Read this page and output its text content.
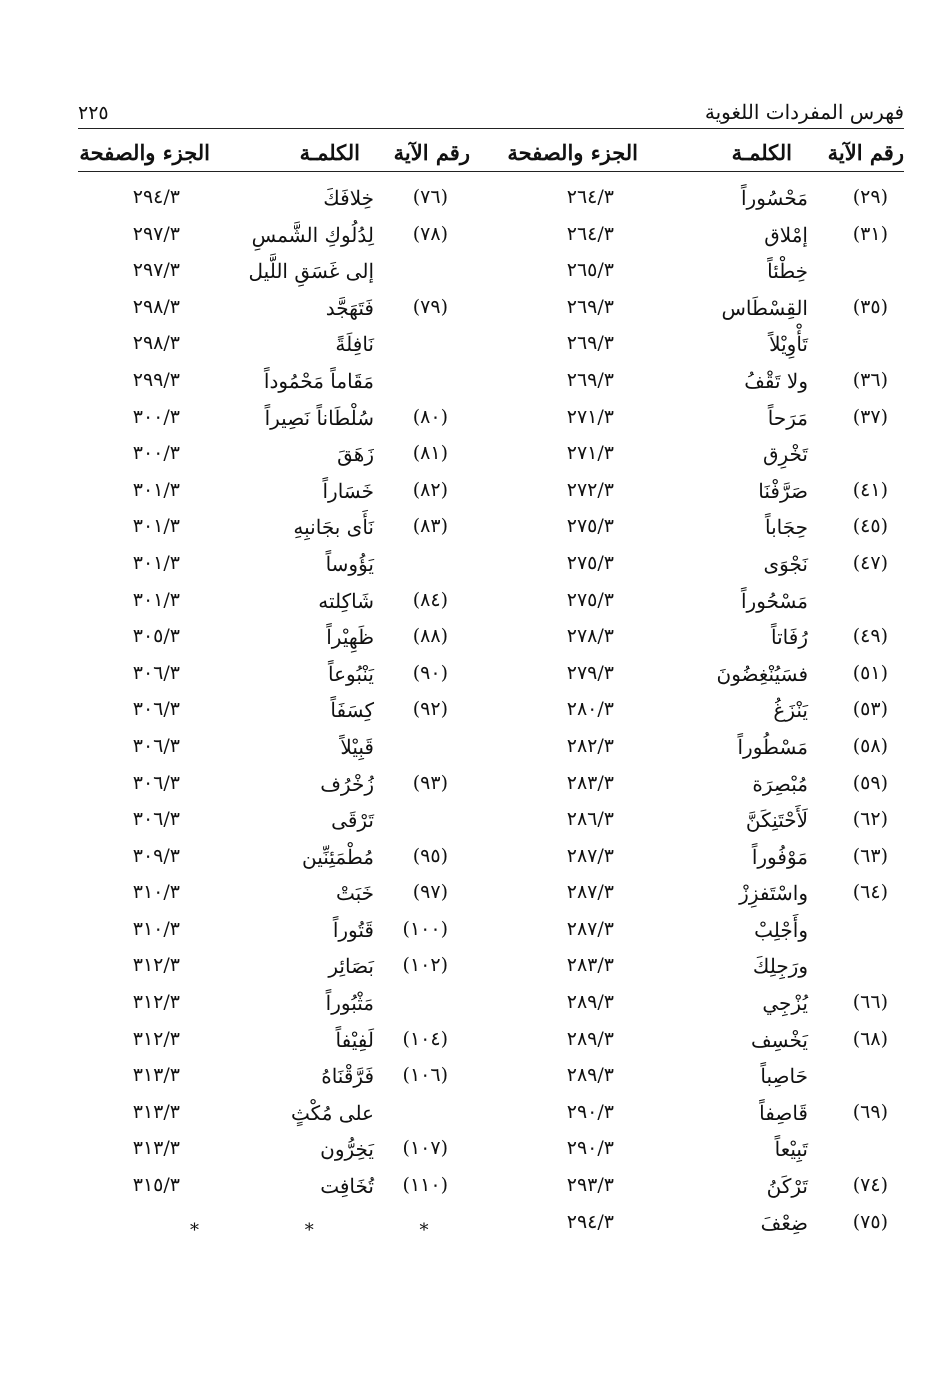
فهرس المفردات اللغوية
٢٢٥
رقم الآية
الكلمـة
الجزء والصفحة
رقم الآية
الكلمـة
الجزء والصفحة
(٢٩)
مَحْسُوراً
٢٦٤/٣
(٣١)
إمْلاق
٢٦٤/٣
خِطْئاً
٢٦٥/٣
(٣٥)
القِسْطَاس
٢٦٩/٣
تَأْوِيْلاً
٢٦٩/٣
(٣٦)
ولا تَقْفُ
٢٦٩/٣
(٣٧)
مَرَحاً
٢٧١/٣
تَخْرِق
٢٧١/٣
(٤١)
صَرَّفْنَا
٢٧٢/٣
(٤٥)
حِجَاباً
٢٧٥/٣
(٤٧)
نَجْوَى
٢٧٥/٣
مَسْحُوراً
٢٧٥/٣
(٤٩)
رُفَاتاً
٢٧٨/٣
(٥١)
فسَيُنْغِضُونَ
٢٧٩/٣
(٥٣)
يَنْزَغُ
٢٨٠/٣
(٥٨)
مَسْطُوراً
٢٨٢/٣
(٥٩)
مُبْصِرَة
٢٨٣/٣
(٦٢)
لَأَحْتَنِكَنَّ
٢٨٦/٣
(٦٣)
مَوْفُوراً
٢٨٧/٣
(٦٤)
واسْتَفزِزْ
٢٨٧/٣
وأَجْلِبْ
٢٨٧/٣
ورَجِلِكَ
٢٨٣/٣
(٦٦)
يُزْجِي
٢٨٩/٣
(٦٨)
يَخْسِف
٢٨٩/٣
حَاصِباً
٢٨٩/٣
(٦٩)
قَاصِفاً
٢٩٠/٣
تَبِيْعاً
٢٩٠/٣
(٧٤)
تَرْكَنُ
٢٩٣/٣
(٧٥)
ضِعْفَ
٢٩٤/٣
(٧٦)
خِلافَكَ
٢٩٤/٣
(٧٨)
لِدُلُوكِ الشَّمسِ
٢٩٧/٣
إلى غَسَقِ اللَّيل
٢٩٧/٣
(٧٩)
فَتَهَجَّد
٢٩٨/٣
نَافِلَةً
٢٩٨/٣
مَقَاماً مَحْمُوداً
٢٩٩/٣
(٨٠)
سُلْطَاناً نَصِيراً
٣٠٠/٣
(٨١)
زَهَقَ
٣٠٠/٣
(٨٢)
خَسَاراً
٣٠١/٣
(٨٣)
نَأَى بجَانبِهِ
٣٠١/٣
يَؤُوساً
٣٠١/٣
(٨٤)
شَاكِلته
٣٠١/٣
(٨٨)
ظَهِيْراً
٣٠٥/٣
(٩٠)
يَنْبُوعاً
٣٠٦/٣
(٩٢)
كِسَفَاً
٣٠٦/٣
قَبِيْلاً
٣٠٦/٣
(٩٣)
زُخْرُف
٣٠٦/٣
تَرْقَى
٣٠٦/٣
(٩٥)
مُطْمَئِنِّين
٣٠٩/٣
(٩٧)
خَبَتْ
٣١٠/٣
(١٠٠)
قَتُوراً
٣١٠/٣
(١٠٢)
بَصَائِر
٣١٢/٣
مَثْبُوراً
٣١٢/٣
(١٠٤)
لَفِيْفاً
٣١٢/٣
(١٠٦)
فَرَّقْنَاهُ
٣١٣/٣
على مُكْثٍ
٣١٣/٣
(١٠٧)
يَخِرُّون
٣١٣/٣
(١١٠)
تُخَافِت
٣١٥/٣
* * *
